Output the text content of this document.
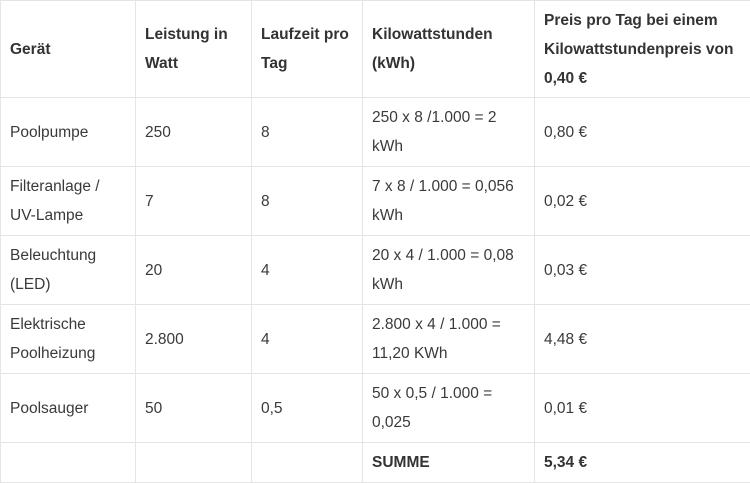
Gerät	Leistung in Watt	Laufzeit pro Tag	Kilowattstunden (kWh)	Preis pro Tag bei einem Kilowattstundenpreis von 0,40 €
Poolpumpe	250	8	250 x 8 /1.000 = 2 kWh	0,80 €
Filteranlage / UV-Lampe	7	8	7 x 8 / 1.000 = 0,056 kWh	0,02 €
Beleuchtung (LED)	20	4	20 x 4 / 1.000 = 0,08 kWh	0,03 €
Elektrische Poolheizung	2.800	4	2.800 x 4 / 1.000 = 11,20 KWh	4,48 €
Poolsauger	50	0,5	50 x 0,5 / 1.000 = 0,025	0,01 €
			SUMME	5,34 €
